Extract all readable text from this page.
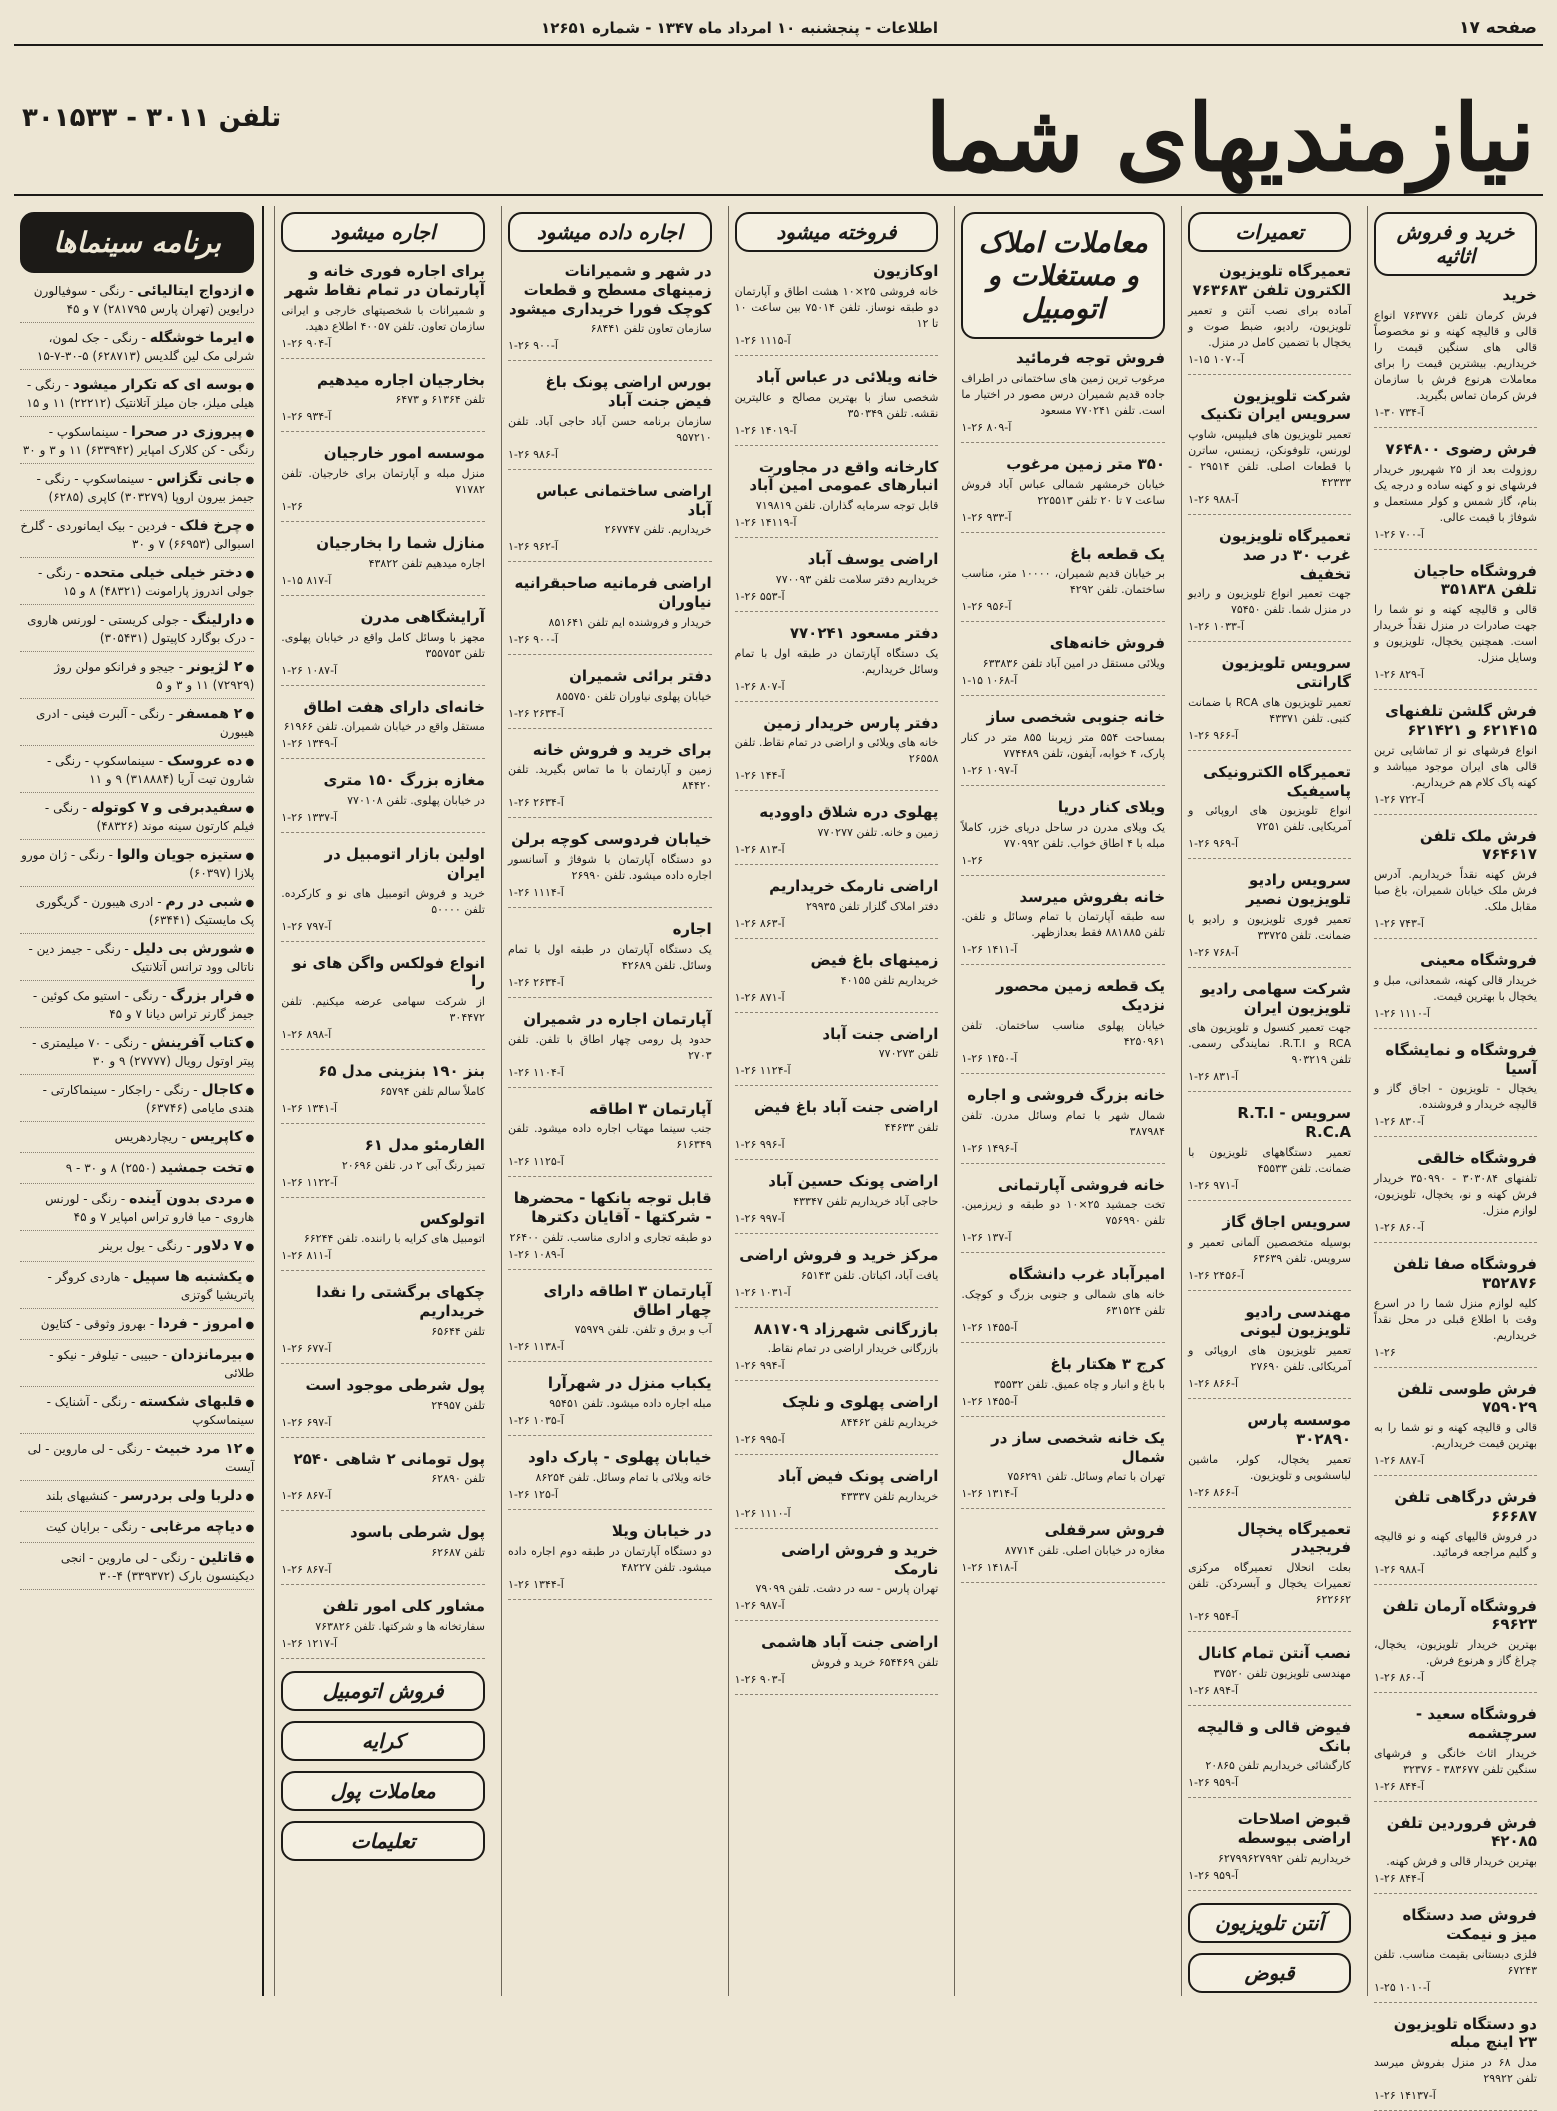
صفحه ۱۷
اطلاعات - پنجشنبه ۱۰ امرداد ماه ۱۳۴۷ - شماره ۱۲۶۵۱
نیازمندیهای شما
تلفن ۳۰۱۱ - ۳۰۱۵۳۳
خرید و فروش اثاثیه
خرید

فرش کرمان تلفن ۷۶۳۷۷۶ انواع قالی و قالیچه کهنه و نو مخصوصاً قالی های سنگین قیمت را خریداریم. بیشترین قیمت را برای معاملات هرنوع فرش با سازمان فرش کرمان تماس بگیرید.

۱-۳۰ ۷۳۴-آ
فرش رضوی ۷۶۴۸۰۰

روزولت بعد از ۲۵ شهریور خریدار فرشهای نو و کهنه ساده و درجه یک بنام، گاز شمس و کولر مستعمل و شوفاژ با قیمت عالی.

۱-۲۶ ۷۰۰-آ
فروشگاه حاجیان تلفن ۳۵۱۸۳۸

قالی و قالیچه کهنه و نو شما را جهت صادرات در منزل نقداً خریدار است. همچنین یخچال، تلویزیون و وسایل منزل.

۱-۲۶ ۸۲۹-آ
فرش گلشن تلفنهای ۶۲۱۴۱۵ و ۶۲۱۴۲۱

انواع فرشهای نو از تماشایی ترین قالی های ایران موجود میباشد و کهنه پاک کلام هم خریداریم.

۱-۲۶ ۷۲۲-آ
فرش ملک تلفن ۷۶۴۶۱۷

فرش کهنه نقداً خریداریم. آدرس فرش ملک خیابان شمیران، باغ صبا مقابل ملک.

۱-۲۶ ۷۴۳-آ
فروشگاه معینی

خریدار قالی کهنه، شمعدانی، مبل و یخچال با بهترین قیمت.

۱-۲۶ ۱۱۱۰-آ
فروشگاه و نمایشگاه آسیا

یخچال - تلویزیون - اجاق گاز و قالیچه خریدار و فروشنده.

۱-۲۶ ۸۳۰-آ
فروشگاه خالقی

تلفنهای ۳۰۳۰۸۴ - ۳۵۰۹۹۰ خریدار فرش کهنه و نو، یخچال، تلویزیون، لوازم منزل.

۱-۲۶ ۸۶۰-آ
فروشگاه صفا تلفن ۳۵۲۸۷۶

کلیه لوازم منزل شما را در اسرع وقت با اطلاع قبلی در محل نقداً خریداریم.

۱-۲۶
فرش طوسی تلفن ۷۵۹۰۲۹

قالی و قالیچه کهنه و نو شما را به بهترین قیمت خریداریم.

۱-۲۶ ۸۸۷-آ
فرش درگاهی تلفن ۶۶۶۸۷

در فروش قالیهای کهنه و نو قالیچه و گلیم مراجعه فرمائید.

۱-۲۶ ۹۸۸-آ
فروشگاه آرمان تلفن ۶۹۶۲۳

بهترین خریدار تلویزیون، یخچال، چراغ گاز و هرنوع فرش.

۱-۲۶ ۸۶۰-آ
فروشگاه سعید - سرچشمه

خریدار اثاث خانگی و فرشهای سنگین تلفن ۳۸۳۶۷۷ - ۳۲۳۷۶

۱-۲۶ ۸۴۴-آ
فرش فروردین تلفن ۴۲۰۸۵

بهترین خریدار قالی و فرش کهنه.

۱-۲۶ ۸۴۴-آ
فروش صد دستگاه میز و نیمکت

فلزی دبستانی بقیمت مناسب. تلفن ۶۷۲۴۳

۱-۲۵ ۱۰۱۰-آ
دو دستگاه تلویزیون ۲۳ اینچ مبله

مدل ۶۸ در منزل بفروش میرسد تلفن ۲۹۹۲۲

۱-۲۶ ۱۴۱۳۷-آ
تعمیرات
تعمیرگاه تلویزیون الکترون تلفن ۷۶۳۶۸۳

آماده برای نصب آنتن و تعمیر تلویزیون، رادیو، ضبط صوت و یخچال با تضمین کامل در منزل.

۱-۱۵ ۱۰۷۰-آ
شرکت تلویزیون سرویس ایران تکنیک

تعمیر تلویزیون های فیلیپس، شاوپ لورنس، تلوفونکن، زیمنس، ساترن با قطعات اصلی. تلفن ۲۹۵۱۴ - ۴۲۳۳۳

۱-۲۶ ۹۸۸-آ
تعمیرگاه تلویزیون غرب ۳۰ در صد تخفیف

جهت تعمیر انواع تلویزیون و رادیو در منزل شما. تلفن ۷۵۴۵۰

۱-۲۶ ۱۰۳۳-آ
سرویس تلویزیون گارانتی

تعمیر تلویزیون های RCA با ضمانت کتبی. تلفن ۴۳۳۷۱

۱-۲۶ ۹۶۶-آ
تعمیرگاه الکترونیکی پاسیفیک

انواع تلویزیون های اروپائی و آمریکایی. تلفن ۷۲۵۱

۱-۲۶ ۹۶۹-آ
سرویس رادیو تلویزیون نصیر

تعمیر فوری تلویزیون و رادیو با ضمانت. تلفن ۳۳۷۲۵

۱-۲۶ ۷۶۸-آ
شرکت سهامی رادیو تلویزیون ایران

جهت تعمیر کنسول و تلویزیون های RCA و R.T.I. نمایندگی رسمی. تلفن ۹۰۳۲۱۹

۱-۲۶ ۸۳۱-آ
سرویس R.T.I - R.C.A

تعمیر دستگاههای تلویزیون با ضمانت. تلفن ۴۵۵۳۳

۱-۲۶ ۹۷۱-آ
سرویس اجاق گاز

بوسیله متخصصین آلمانی تعمیر و سرویس. تلفن ۶۳۶۳۹

۱-۲۶ ۲۴۵۶-آ
مهندسی رادیو تلویزیون لیونی

تعمیر تلویزیون های اروپائی و آمریکائی. تلفن ۲۷۶۹۰

۱-۲۶ ۸۶۶-آ
موسسه پارس ۳۰۲۸۹۰

تعمیر یخچال، کولر، ماشین لباسشویی و تلویزیون.

۱-۲۶ ۸۶۶-آ
تعمیرگاه یخچال فریجیدر

بعلت انحلال تعمیرگاه مرکزی تعمیرات یخچال و آبسردکن. تلفن ۶۲۲۶۶۲

۱-۲۶ ۹۵۴-آ
نصب آنتن تمام کانال

مهندسی تلویزیون تلفن ۳۷۵۲۰

۱-۲۶ ۸۹۴-آ
فیوض قالی و قالیچه بانک

کارگشائی خریداریم تلفن ۲۰۸۶۵

۱-۲۶ ۹۵۹-آ
قبوض اصلاحات اراضی بیوسطه

خریداریم تلفن ۶۲۷۹۹۶۲۷۹۹۲

۱-۲۶ ۹۵۹-آ
آنتن تلویزیون
قبوض
معاملات املاک و مستغلات و اتومبیل
فروش توجه فرمائید

مرغوب ترین زمین های ساختمانی در اطراف جاده قدیم شمیران درس مصور در اختیار ما است. تلفن ۷۷۰۲۴۱ مسعود

۱-۲۶ ۸۰۹-آ
۳۵۰ متر زمین مرغوب

خیابان خرمشهر شمالی عباس آباد فروش ساعت ۷ تا ۲۰ تلفن ۲۲۵۵۱۳

۱-۲۶ ۹۳۳-آ
یک قطعه باغ

بر خیابان قدیم شمیران، ۱۰۰۰۰ متر، مناسب ساختمان. تلفن ۴۲۹۲

۱-۲۶ ۹۵۶-آ
فروش خانه‌های

ویلائی مستقل در امین آباد تلفن ۶۳۳۸۳۶

۱-۱۵ ۱۰۶۸-آ
خانه جنوبی شخصی ساز

بمساحت ۵۵۴ متر زیربنا ۸۵۵ متر در کنار پارک، ۴ خوابه، آیفون، تلفن ۷۷۴۴۸۹

۱-۲۶ ۱۰۹۷-آ
ویلای کنار دریا

یک ویلای مدرن در ساحل دریای خزر، کاملاً مبله با ۴ اطاق خواب. تلفن ۷۷۰۹۹۲

۱-۲۶
خانه بفروش میرسد

سه طبقه آپارتمان با تمام وسائل و تلفن. تلفن ۸۸۱۸۸۵ فقط بعدازظهر.

۱-۲۶ ۱۴۱۱-آ
یک قطعه زمین محصور نزدیک

خیابان پهلوی مناسب ساختمان. تلفن ۴۲۵۰۹۶۱

۱-۲۶ ۱۴۵۰-آ
خانه بزرگ فروشی و اجاره

شمال شهر با تمام وسائل مدرن. تلفن ۳۸۷۹۸۴

۱-۲۶ ۱۴۹۶-آ
خانه فروشی آپارتمانی

تخت جمشید ۲۵×۱۰ دو طبقه و زیرزمین. تلفن ۷۵۶۹۹۰

۱-۲۶ ۱۳۷-آ
امیرآباد غرب دانشگاه

خانه های شمالی و جنوبی بزرگ و کوچک. تلفن ۶۳۱۵۲۴

۱-۲۶ ۱۴۵۵-آ
کرج ۳ هکتار باغ

با باغ و انبار و چاه عمیق. تلفن ۳۵۵۳۲

۱-۲۶ ۱۴۵۵-آ
یک خانه شخصی ساز در شمال

تهران با تمام وسائل. تلفن ۷۵۶۲۹۱

۱-۲۶ ۱۳۱۴-آ
فروش سرقفلی

مغازه در خیابان اصلی. تلفن ۸۷۷۱۴

۱-۲۶ ۱۴۱۸-آ
فروخته میشود
اوکازیون

خانه فروشی ۲۵×۱۰ هشت اطاق و آپارتمان دو طبقه نوساز. تلفن ۷۵۰۱۴ بین ساعت ۱۰ تا ۱۲

۱-۲۶ ۱۱۱۵-آ
خانه ویلائی در عباس آباد

شخصی ساز با بهترین مصالح و عالیترین نقشه. تلفن ۳۵۰۳۴۹

۱-۲۶ ۱۴۰۱۹-آ
کارخانه واقع در مجاورت انبارهای عمومی امین آباد

قابل توجه سرمایه گذاران. تلفن ۷۱۹۸۱۹

۱-۲۶ ۱۴۱۱۹-آ
اراضی یوسف آباد

خریداریم دفتر سلامت تلفن ۷۷۰۰۹۳

۱-۲۶ ۵۵۳-آ
دفتر مسعود ۷۷۰۲۴۱

یک دستگاه آپارتمان در طبقه اول با تمام وسائل خریداریم.

۱-۲۶ ۸۰۷-آ
دفتر پارس خریدار زمین

خانه های ویلائی و اراضی در تمام نقاط. تلفن ۲۶۵۵۸

۱-۲۶ ۱۴۴-آ
پهلوی دره شلاق داوودیه

زمین و خانه. تلفن ۷۷۰۲۷۷

۱-۲۶ ۸۱۳-آ
اراضی نارمک خریداریم

دفتر املاک گلزار تلفن ۲۹۹۳۵

۱-۲۶ ۸۶۳-آ
زمینهای باغ فیض

خریداریم تلفن ۴۰۱۵۵

۱-۲۶ ۸۷۱-آ
اراضی جنت آباد

تلفن ۷۷۰۲۷۳

۱-۲۶ ۱۱۲۴-آ
اراضی جنت آباد باغ فیض

تلفن ۴۴۶۳۳

۱-۲۶ ۹۹۶-آ
اراضی پونک حسین آباد

حاجی آباد خریداریم تلفن ۴۳۳۴۷

۱-۲۶ ۹۹۷-آ
مرکز خرید و فروش اراضی

یافت آباد، اکباتان. تلفن ۶۵۱۴۳

۱-۲۶ ۱۰۳۱-آ
بازرگانی شهرزاد ۸۸۱۷۰۹

بازرگانی خریدار اراضی در تمام نقاط.

۱-۲۶ ۹۹۴-آ
اراضی پهلوی و نلچک

خریداریم تلفن ۸۴۴۶۲

۱-۲۶ ۹۹۵-آ
اراضی پونک فیض آباد

خریداریم تلفن ۴۳۳۳۷

۱-۲۶ ۱۱۱۰-آ
خرید و فروش اراضی نارمک

تهران پارس - سه در دشت. تلفن ۷۹۰۹۹

۱-۲۶ ۹۸۷-آ
اراضی جنت آباد هاشمی

تلفن ۶۵۴۴۶۹ خرید و فروش

۱-۲۶ ۹۰۳-آ
اجاره داده میشود
در شهر و شمیرانات زمینهای مسطح و قطعات کوچک فورا خریداری میشود

سازمان تعاون تلفن ۶۸۴۴۱

۱-۲۶ ۹۰۰-آ
بورس اراضی پونک باغ فیض جنت آباد

سازمان برنامه حسن آباد حاجی آباد. تلفن ۹۵۷۲۱۰

۱-۲۶ ۹۸۶-آ
اراضی ساختمانی عباس آباد

خریداریم. تلفن ۲۶۷۷۴۷

۱-۲۶ ۹۶۲-آ
اراضی فرمانیه صاحبقرانیه نیاوران

خریدار و فروشنده ایم تلفن ۸۵۱۶۴۱

۱-۲۶ ۹۰۰-آ
دفتر برائی شمیران

خیابان پهلوی نیاوران تلفن ۸۵۵۷۵۰

۱-۲۶ ۲۶۳۴-آ
برای خرید و فروش خانه

زمین و آپارتمان با ما تماس بگیرید. تلفن ۸۴۴۲۰

۱-۲۶ ۲۶۳۴-آ
خیابان فردوسی کوچه برلن

دو دستگاه آپارتمان با شوفاژ و آسانسور اجاره داده میشود. تلفن ۲۶۹۹۰

۱-۲۶ ۱۱۱۴-آ
اجاره

یک دستگاه آپارتمان در طبقه اول با تمام وسائل. تلفن ۴۲۶۸۹

۱-۲۶ ۲۶۳۴-آ
آپارتمان اجاره در شمیران

حدود پل رومی چهار اطاق با تلفن. تلفن ۲۷۰۳

۱-۲۶ ۱۱۰۴-آ
آپارتمان ۳ اطاقه

جنب سینما مهتاب اجاره داده میشود. تلفن ۶۱۶۳۴۹

۱-۲۶ ۱۱۲۵-آ
قابل توجه بانکها - محضرها - شرکتها - آقایان دکترها

دو طبقه تجاری و اداری مناسب. تلفن ۲۶۴۰۰

۱-۲۶ ۱۰۸۹-آ
آپارتمان ۳ اطاقه دارای چهار اطاق

آب و برق و تلفن. تلفن ۷۵۹۷۹

۱-۲۶ ۱۱۳۸-آ
یکباب منزل در شهرآرا

مبله اجاره داده میشود. تلفن ۹۵۴۵۱

۱-۲۶ ۱۰۳۵-آ
خیابان پهلوی - پارک داود

خانه ویلائی با تمام وسائل. تلفن ۸۶۲۵۴

۱-۲۶ ۱۲۵-آ
در خیابان ویلا

دو دستگاه آپارتمان در طبقه دوم اجاره داده میشود. تلفن ۴۸۲۲۷

۱-۲۶ ۱۳۴۴-آ
اجاره میشود
برای اجاره فوری خانه و آپارتمان در تمام نقاط شهر

و شمیرانات با شخصیتهای خارجی و ایرانی سازمان تعاون. تلفن ۴۰۰۵۷ اطلاع دهید.

۱-۲۶ ۹۰۴-آ
بخارجیان اجاره میدهیم

تلفن ۶۱۳۶۴ و ۶۴۷۳

۱-۲۶ ۹۳۴-آ
موسسه امور خارجیان

منزل مبله و آپارتمان برای خارجیان. تلفن ۷۱۷۸۲

۱-۲۶
منازل شما را بخارجیان

اجاره میدهیم تلفن ۴۳۸۲۲

۱-۱۵ ۸۱۷-آ
آرایشگاهی مدرن

مجهز با وسائل کامل واقع در خیابان پهلوی. تلفن ۳۵۵۷۵۳

۱-۲۶ ۱۰۸۷-آ
خانه‌ای دارای هفت اطاق

مستقل واقع در خیابان شمیران. تلفن ۶۱۹۶۶

۱-۲۶ ۱۳۴۹-آ
مغازه بزرگ ۱۵۰ متری

در خیابان پهلوی. تلفن ۷۷۰۱۰۸

۱-۲۶ ۱۳۳۷-آ
اولین بازار اتومبیل در ایران

خرید و فروش اتومبیل های نو و کارکرده. تلفن ۵۰۰۰۰

۱-۲۶ ۷۹۷-آ
انواع فولکس واگن های نو را

از شرکت سهامی عرضه میکنیم. تلفن ۳۰۴۴۷۲

۱-۲۶ ۸۹۸-آ
بنز ۱۹۰ بنزینی مدل ۶۵

کاملاً سالم تلفن ۶۵۷۹۴

۱-۲۶ ۱۳۴۱-آ
الفارمئو مدل ۶۱

تمیز رنگ آبی ۲ در. تلفن ۲۰۶۹۶

۱-۲۶ ۱۱۲۲-آ
اتولوکس

اتومبیل های کرایه با راننده. تلفن ۶۶۲۴۴

۱-۲۶ ۸۱۱-آ
چکهای برگشتی را نقدا خریداریم

تلفن ۶۵۶۴۴

۱-۲۶ ۶۷۷-آ
پول شرطی موجود است

تلفن ۲۴۹۵۷

۱-۲۶ ۶۹۷-آ
پول تومانی ۲ شاهی ۲۵۴۰

تلفن ۶۲۸۹۰

۱-۲۶ ۸۶۷-آ
پول شرطی باسود

تلفن ۶۲۶۸۷

۱-۲۶ ۸۶۷-آ
مشاور کلی امور تلفن

سفارتخانه ها و شرکتها. تلفن ۷۶۳۸۲۶

۱-۲۶ ۱۲۱۷-آ
فروش اتومبیل
کرایه
معاملات پول
تعلیمات
برنامه سینماها
● ازدواج ایتالیائی - رنگی - سوفیالورن درایوین (تهران پارس ۲۸۱۷۹۵) ۷ و ۴۵
● ایرما خوشگله - رنگی - جک لمون، شرلی مک لین گلدیس (۶۲۸۷۱۳) ۵-۳۰-۷-۱۵
● بوسه ای که تکرار میشود - رنگی - هیلی میلز، جان میلز آتلانتیک (۲۲۲۱۲) ۱۱ و ۱۵
● پیروزی در صحرا - سینماسکوپ - رنگی - کن کلارک امپایر (۶۳۳۹۴۲) ۱۱ و ۳ و ۳۰
● جانی تگزاس - سینماسکوپ - رنگی - جیمز بیرون اروپا (۳۰۳۲۷۹) کاپری (۶۲۸۵)
● چرخ فلک - فردین - بیک ایمانوردی - گلرخ اسبوالی (۶۶۹۵۳) ۷ و ۳۰
● دختر خیلی خیلی متحده - رنگی - جولی اندروز پارامونت (۴۸۳۲۱) ۸ و ۱۵
● دارلینگ - جولی کریستی - لورنس هاروی - درک بوگارد کاپیتول (۳۰۵۴۳۱)
● ۲ لژیونر - جیجو و فرانکو مولن روژ (۷۲۹۲۹) ۱۱ و ۳ و ۵
● ۲ همسفر - رنگی - آلبرت فینی - ادری هیبورن
● ده عروسک - سینماسکوپ - رنگی - شارون تیت آریا (۳۱۸۸۸۴) ۹ و ۱۱
● سفیدبرفی و ۷ کوتوله - رنگی - فیلم کارتون سینه موند (۴۸۳۲۶)
● ستیزه جویان والوا - رنگی - ژان مورو پلازا (۶۰۳۹۷)
● شبی در رم - ادری هیبورن - گریگوری پک مایستیک (۶۳۴۴۱)
● شورش بی دلیل - رنگی - جیمز دین - ناتالی وود ترانس آتلانتیک
● فرار بزرگ - رنگی - استیو مک کوئین - جیمز گارنر تراس دیانا ۷ و ۴۵
● کتاب آفرینش - رنگی - ۷۰ میلیمتری - پیتر اوتول رویال (۲۷۷۷۷) ۹ و ۳۰
● کاجال - رنگی - راجکار - سینماکارتی - هندی مایامی (۶۳۷۴۶)
● کاپریس - ریچاردهریس
● تخت جمشید (۲۵۵۰) ۸ و ۳۰ - ۹
● مردی بدون آینده - رنگی - لورنس هاروی - میا فارو تراس امپایر ۷ و ۴۵
● ۷ دلاور - رنگی - یول برینر
● یکشنبه ها سپیل - هاردی کروگر - پاتریشیا گوتزی
● امروز - فردا - بهروز وثوقی - کتایون
● بیرمانزدان - حبیبی - تیلوفر - نیکو - طلائی
● قلبهای شکسته - رنگی - آشنایک - سینماسکوپ
● ۱۲ مرد خبیث - رنگی - لی ماروین - لی آیست
● دلربا ولی بردرسر - کنشیهای بلند
● دیاچه مرغابی - رنگی - برایان کیت
● قاتلین - رنگی - لی ماروین - انجی دیکینسون بارک (۳۳۹۳۷۲) ۴-۳۰
